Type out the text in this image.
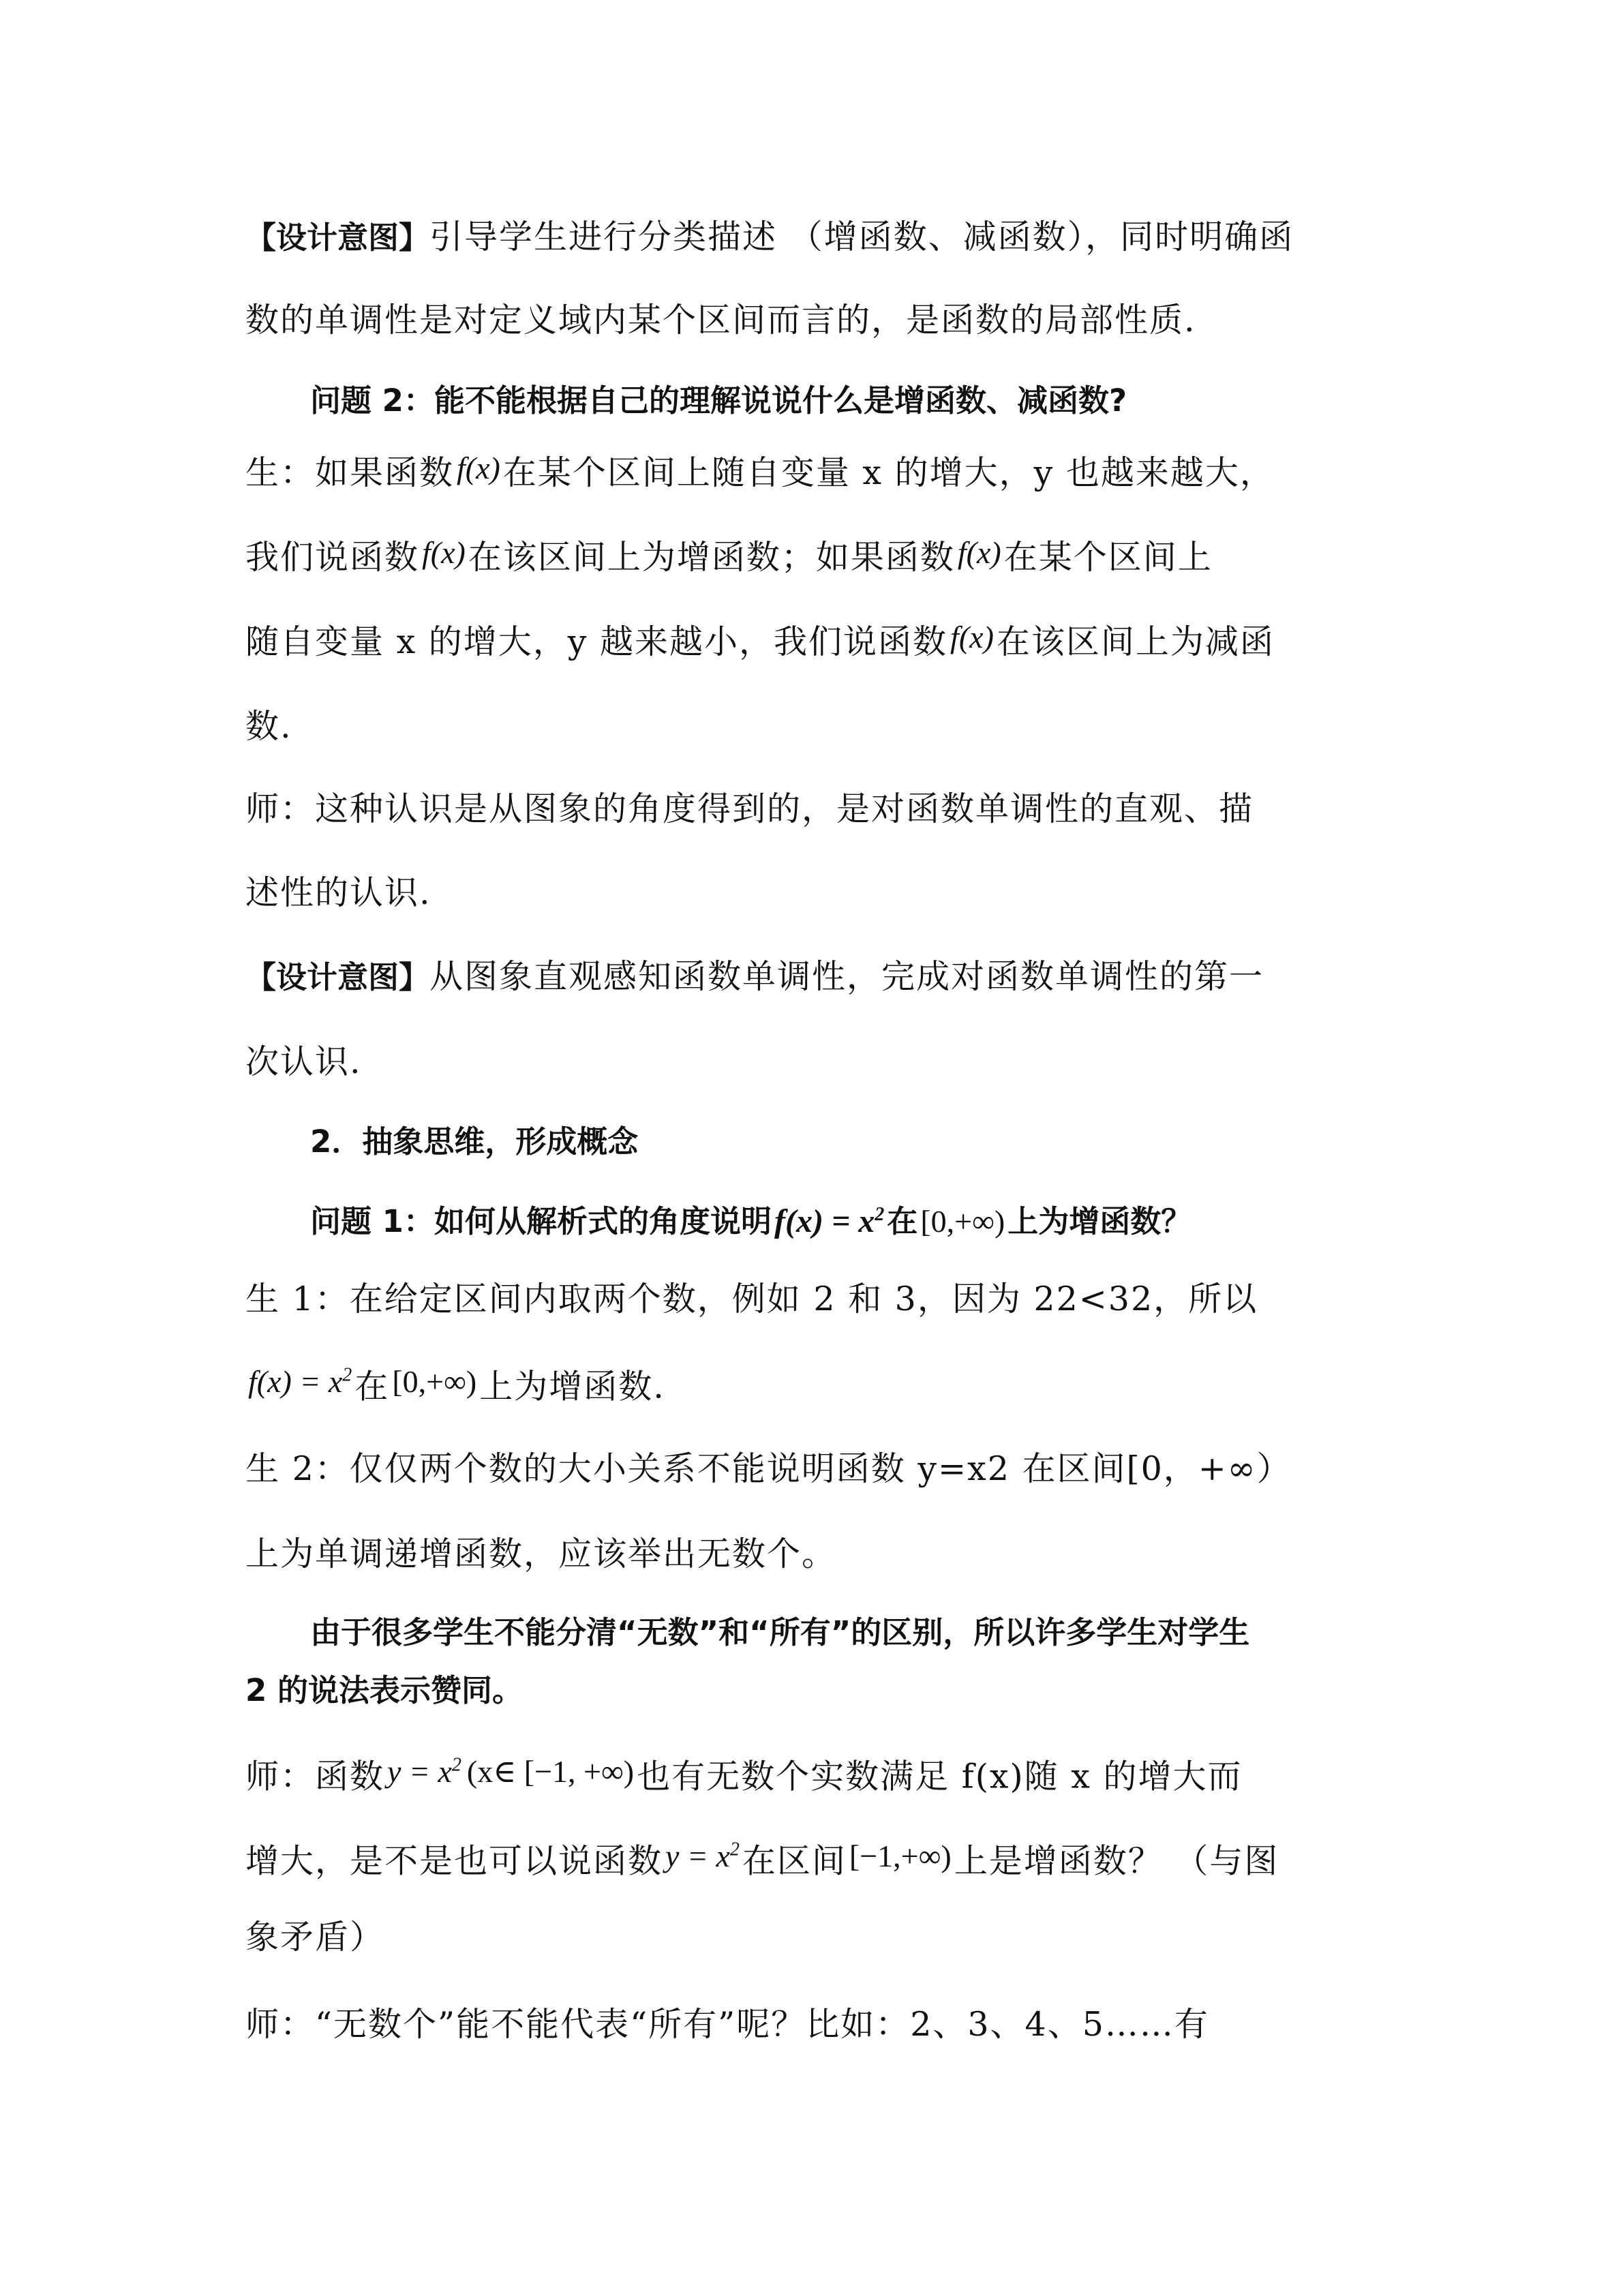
【设计意图】引导学生进行分类描述 （增函数、减函数），同时明确函
数的单调性是对定义域内某个区间而言的，是函数的局部性质.
问题 2：能不能根据自己的理解说说什么是增函数、减函数?
生：如果函数f(x)在某个区间上随自变量 x 的增大，y 也越来越大，
我们说函数f(x)在该区间上为增函数；如果函数f(x)在某个区间上
随自变量 x 的增大，y 越来越小，我们说函数f(x)在该区间上为减函
数.
师：这种认识是从图象的角度得到的，是对函数单调性的直观、描
述性的认识.
【设计意图】从图象直观感知函数单调性，完成对函数单调性的第一
次认识.
2．抽象思维，形成概念
问题 1：如何从解析式的角度说明$f(x) = x^2$在[0,+∞)上为增函数？
生 1：在给定区间内取两个数，例如 2 和 3，因为 22<32，所以
$f(x) = x^2$在[0,+∞)上为增函数.
生 2：仅仅两个数的大小关系不能说明函数 y=x2 在区间[0，+∞）
上为单调递增函数，应该举出无数个。
由于很多学生不能分清“无数”和“所有”的区别，所以许多学生对学生
2 的说法表示赞同。
师：函数$y = x^2$ (x∈ [−1, +∞)也有无数个实数满足 f(x)随 x 的增大而
增大，是不是也可以说函数$y = x^2$在区间[−1,+∞)上是增函数？ （与图
象矛盾）
师：“无数个”能不能代表“所有”呢？比如：2、3、4、5……有
